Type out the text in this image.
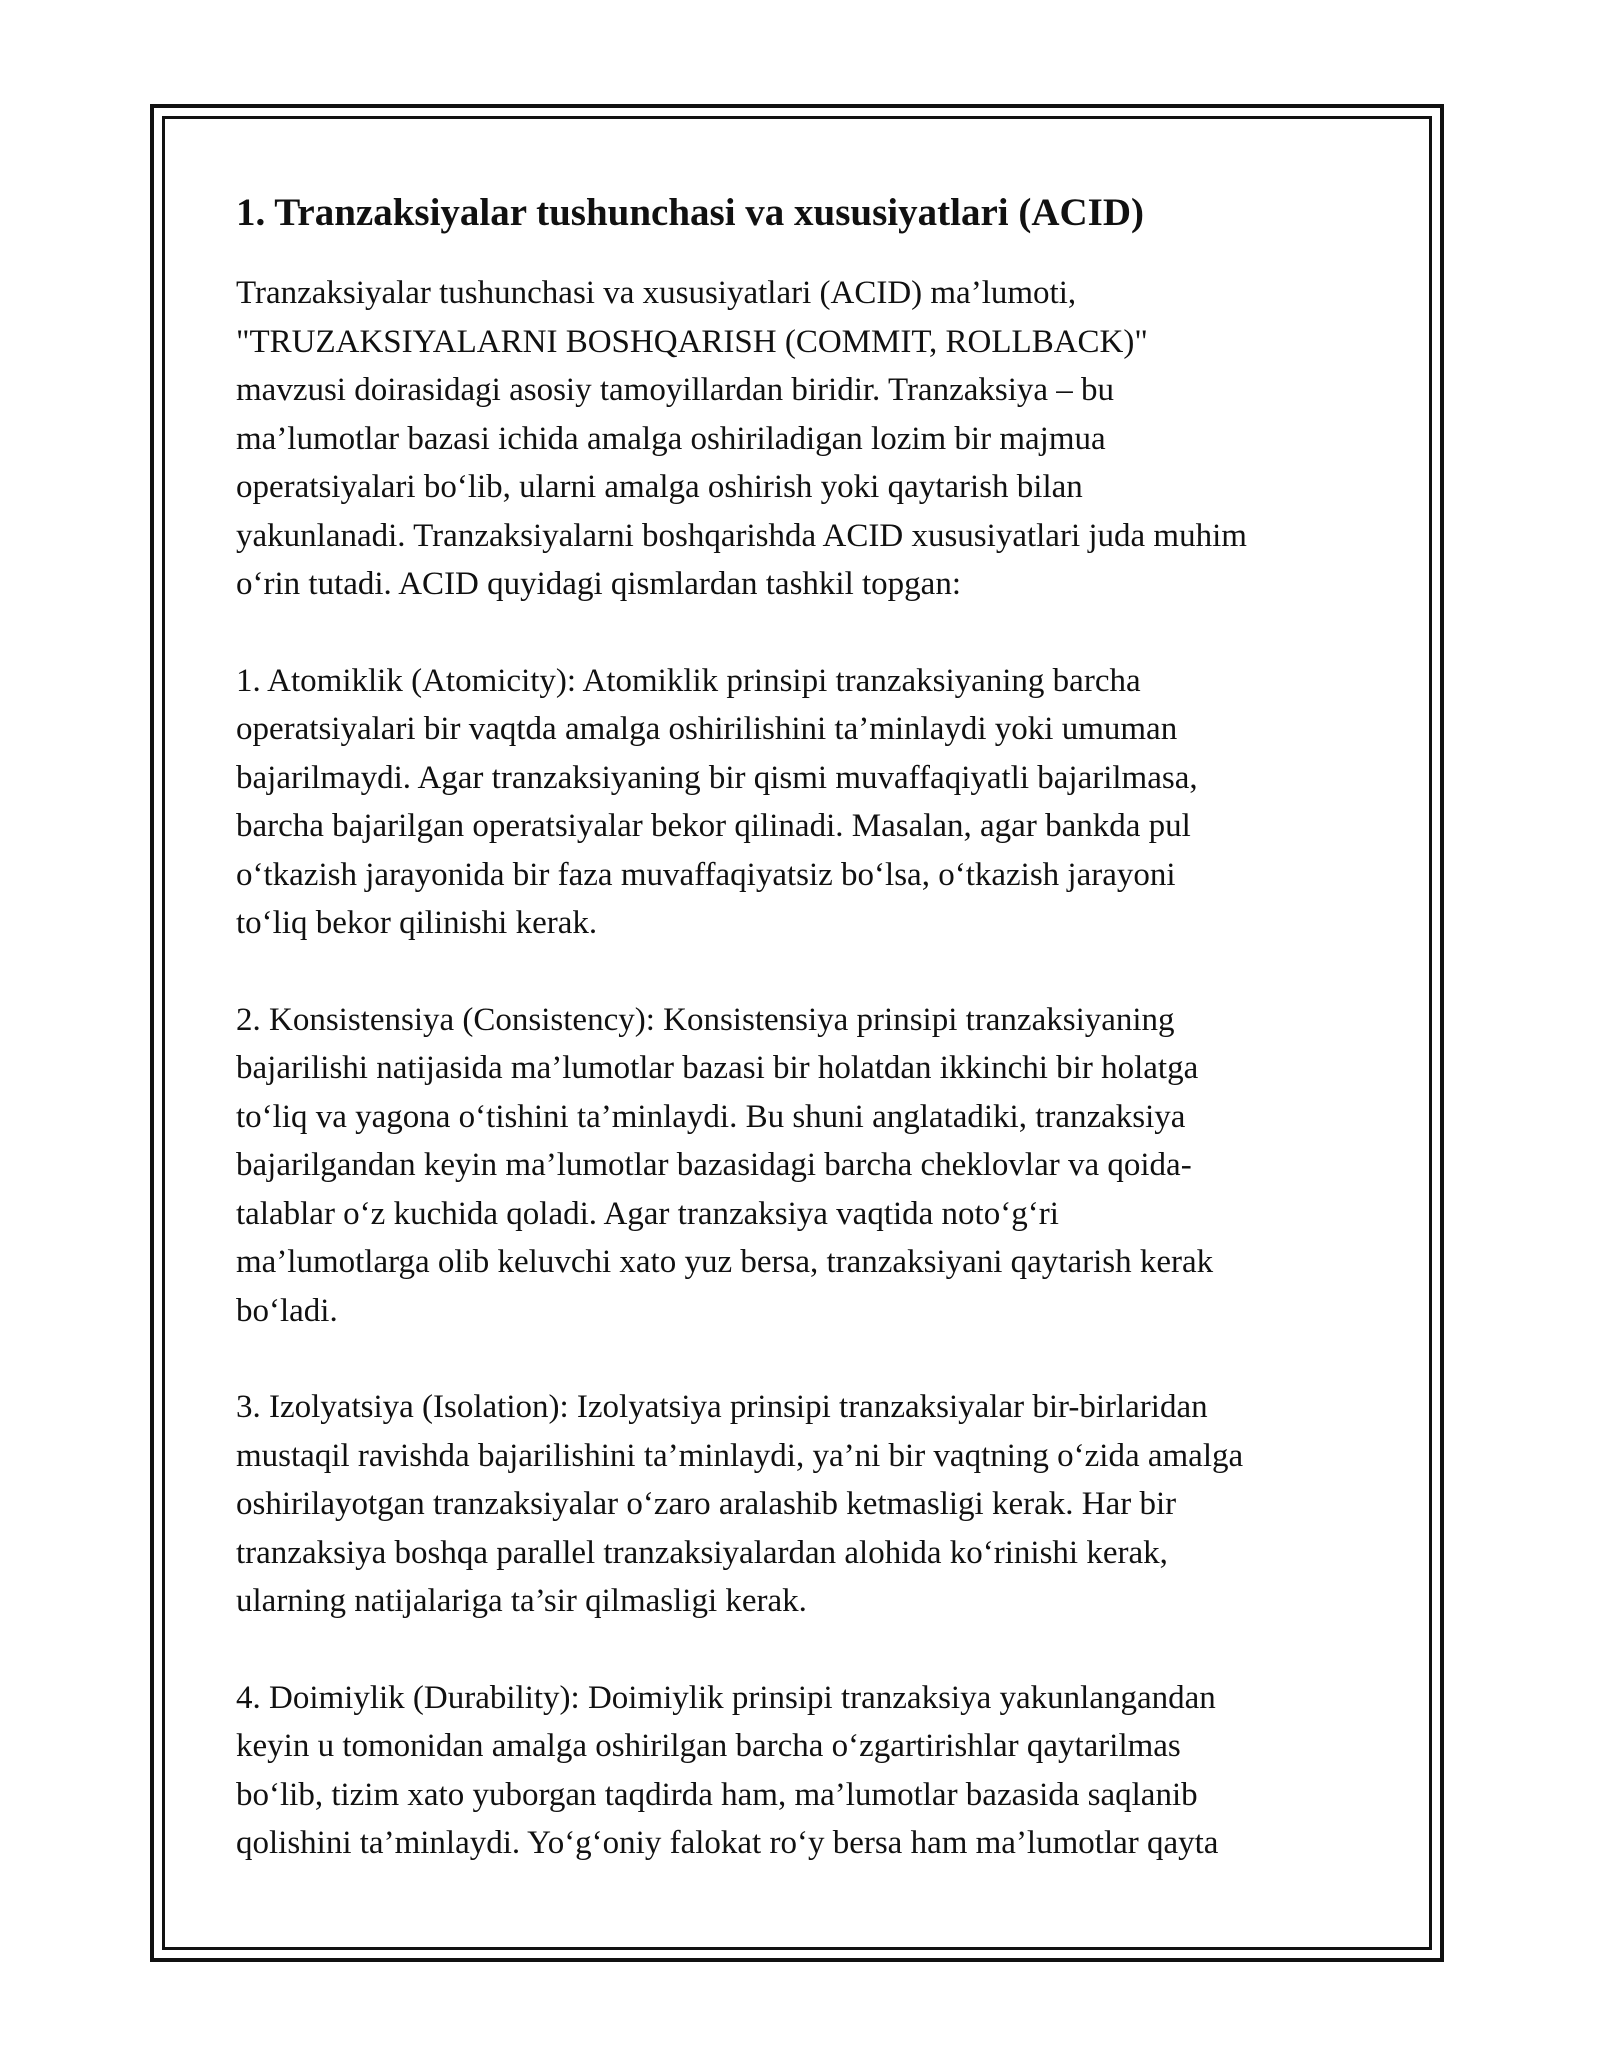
1. Tranzaksiyalar tushunchasi va xususiyatlari (ACID)

Tranzaksiyalar tushunchasi va xususiyatlari (ACID) ma’lumoti,
"TRUZAKSIYALARNI BOSHQARISH (COMMIT, ROLLBACK)"
mavzusi doirasidagi asosiy tamoyillardan biridir. Tranzaksiya – bu
ma’lumotlar bazasi ichida amalga oshiriladigan lozim bir majmua
operatsiyalari bo‘lib, ularni amalga oshirish yoki qaytarish bilan
yakunlanadi. Tranzaksiyalarni boshqarishda ACID xususiyatlari juda muhim
o‘rin tutadi. ACID quyidagi qismlardan tashkil topgan:

1. Atomiklik (Atomicity): Atomiklik prinsipi tranzaksiyaning barcha
operatsiyalari bir vaqtda amalga oshirilishini ta’minlaydi yoki umuman
bajarilmaydi. Agar tranzaksiyaning bir qismi muvaffaqiyatli bajarilmasa,
barcha bajarilgan operatsiyalar bekor qilinadi. Masalan, agar bankda pul
o‘tkazish jarayonida bir faza muvaffaqiyatsiz bo‘lsa, o‘tkazish jarayoni
to‘liq bekor qilinishi kerak.

2. Konsistensiya (Consistency): Konsistensiya prinsipi tranzaksiyaning
bajarilishi natijasida ma’lumotlar bazasi bir holatdan ikkinchi bir holatga
to‘liq va yagona o‘tishini ta’minlaydi. Bu shuni anglatadiki, tranzaksiya
bajarilgandan keyin ma’lumotlar bazasidagi barcha cheklovlar va qoida-
talablar o‘z kuchida qoladi. Agar tranzaksiya vaqtida noto‘g‘ri
ma’lumotlarga olib keluvchi xato yuz bersa, tranzaksiyani qaytarish kerak
bo‘ladi.

3. Izolyatsiya (Isolation): Izolyatsiya prinsipi tranzaksiyalar bir-birlaridan
mustaqil ravishda bajarilishini ta’minlaydi, ya’ni bir vaqtning o‘zida amalga
oshirilayotgan tranzaksiyalar o‘zaro aralashib ketmasligi kerak. Har bir
tranzaksiya boshqa parallel tranzaksiyalardan alohida ko‘rinishi kerak,
ularning natijalariga ta’sir qilmasligi kerak.

4. Doimiylik (Durability): Doimiylik prinsipi tranzaksiya yakunlangandan
keyin u tomonidan amalga oshirilgan barcha o‘zgartirishlar qaytarilmas
bo‘lib, tizim xato yuborgan taqdirda ham, ma’lumotlar bazasida saqlanib
qolishini ta’minlaydi. Yo‘g‘oniy falokat ro‘y bersa ham ma’lumotlar qayta
